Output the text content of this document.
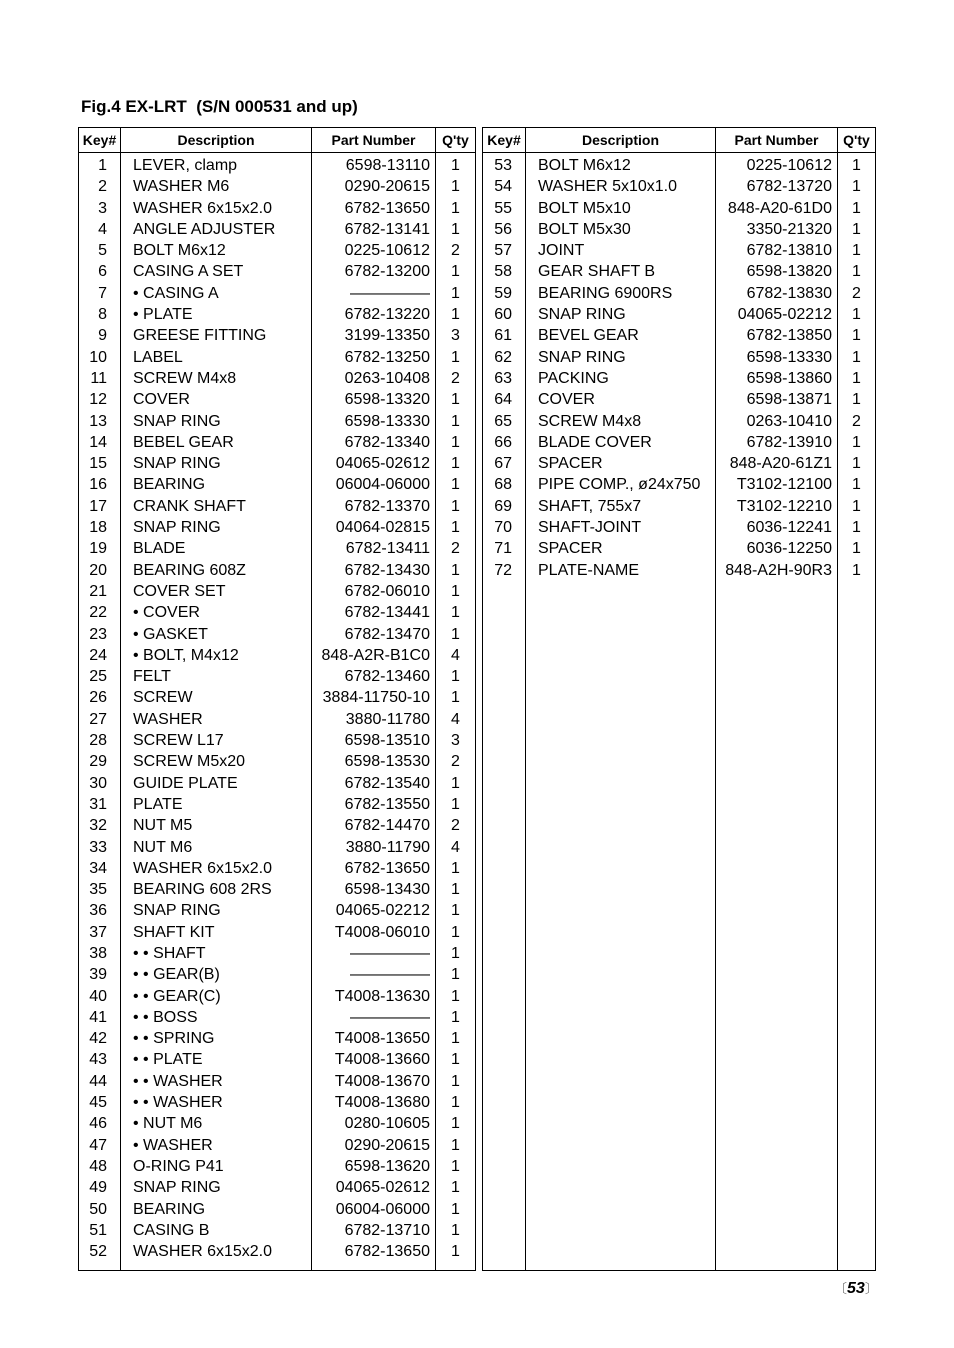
Fig.4 EX-LRT  (S/N 000531 and up)
Key#	Description	Part Number	Q'ty
1	LEVER, clamp	6598-13110	1
2	WASHER M6	0290-20615	1
3	WASHER 6x15x2.0	6782-13650	1
4	ANGLE ADJUSTER	6782-13141	1
5	BOLT M6x12	0225-10612	2
6	CASING A SET	6782-13200	1
7	• CASING A	—————	1
8	• PLATE	6782-13220	1
9	GREESE FITTING	3199-13350	3
10	LABEL	6782-13250	1
11	SCREW M4x8	0263-10408	2
12	COVER	6598-13320	1
13	SNAP RING	6598-13330	1
14	BEBEL GEAR	6782-13340	1
15	SNAP RING	04065-02612	1
16	BEARING	06004-06000	1
17	CRANK SHAFT	6782-13370	1
18	SNAP RING	04064-02815	1
19	BLADE	6782-13411	2
20	BEARING 608Z	6782-13430	1
21	COVER SET	6782-06010	1
22	• COVER	6782-13441	1
23	• GASKET	6782-13470	1
24	• BOLT, M4x12	848-A2R-B1C0	4
25	FELT	6782-13460	1
26	SCREW	3884-11750-10	1
27	WASHER	3880-11780	4
28	SCREW L17	6598-13510	3
29	SCREW M5x20	6598-13530	2
30	GUIDE PLATE	6782-13540	1
31	PLATE	6782-13550	1
32	NUT M5	6782-14470	2
33	NUT M6	3880-11790	4
34	WASHER 6x15x2.0	6782-13650	1
35	BEARING 608 2RS	6598-13430	1
36	SNAP RING	04065-02212	1
37	SHAFT KIT	T4008-06010	1
38	• • SHAFT	—————	1
39	• • GEAR(B)	—————	1
40	• • GEAR(C)	T4008-13630	1
41	• • BOSS	—————	1
42	• • SPRING	T4008-13650	1
43	• • PLATE	T4008-13660	1
44	• • WASHER	T4008-13670	1
45	• • WASHER	T4008-13680	1
46	• NUT M6	0280-10605	1
47	• WASHER	0290-20615	1
48	O-RING P41	6598-13620	1
49	SNAP RING	04065-02612	1
50	BEARING	06004-06000	1
51	CASING B	6782-13710	1
52	WASHER 6x15x2.0	6782-13650	1

Key#	Description	Part Number	Q'ty
53	BOLT M6x12	0225-10612	1
54	WASHER 5x10x1.0	6782-13720	1
55	BOLT M5x10	848-A20-61D0	1
56	BOLT M5x30	3350-21320	1
57	JOINT	6782-13810	1
58	GEAR SHAFT B	6598-13820	1
59	BEARING 6900RS	6782-13830	2
60	SNAP RING	04065-02212	1
61	BEVEL GEAR	6782-13850	1
62	SNAP RING	6598-13330	1
63	PACKING	6598-13860	1
64	COVER	6598-13871	1
65	SCREW M4x8	0263-10410	2
66	BLADE COVER	6782-13910	1
67	SPACER	848-A20-61Z1	1
68	PIPE COMP., ø24x750	T3102-12100	1
69	SHAFT, 755x7	T3102-12210	1
70	SHAFT-JOINT	6036-12241	1
71	SPACER	6036-12250	1
72	PLATE-NAME	848-A2H-90R3	1

〔53〕
